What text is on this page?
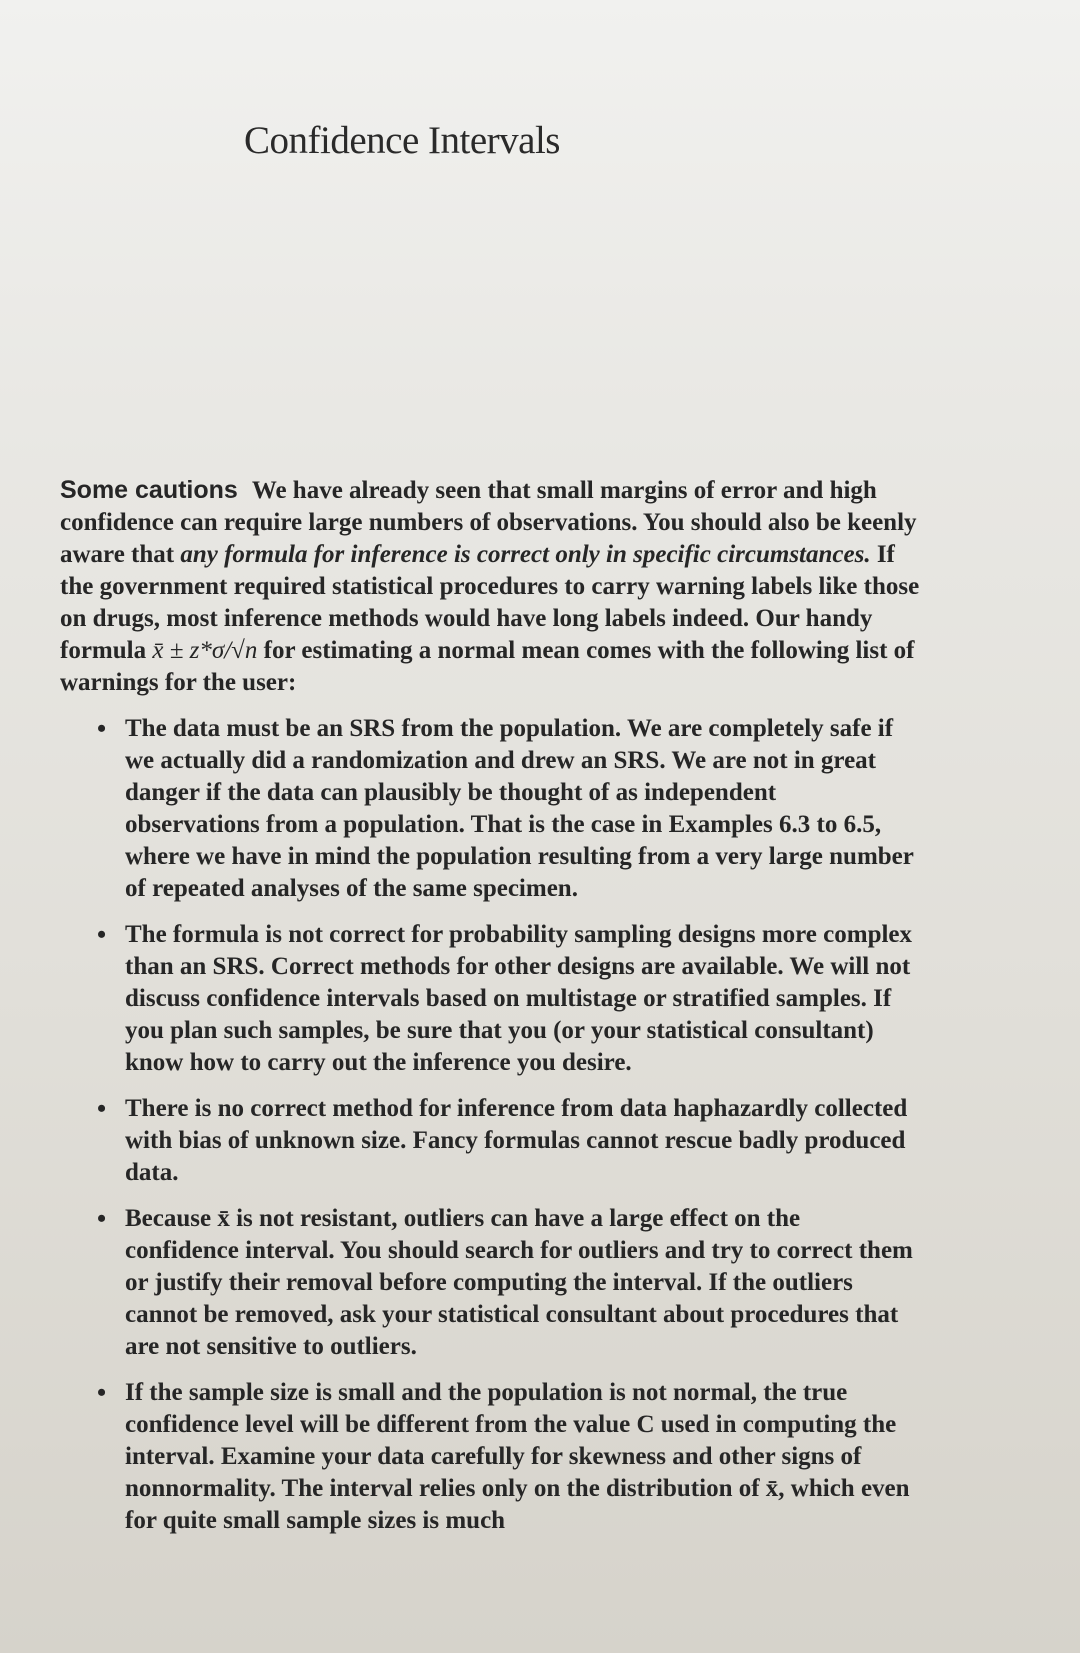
Confidence Intervals

Some cautions We have already seen that small margins of error and high confidence can require large numbers of observations. You should also be keenly aware that any formula for inference is correct only in specific circumstances. If the government required statistical procedures to carry warning labels like those on drugs, most inference methods would have long labels indeed. Our handy formula x̄ ± z*σ/√n for estimating a normal mean comes with the following list of warnings for the user:

• The data must be an SRS from the population. We are completely safe if we actually did a randomization and drew an SRS. We are not in great danger if the data can plausibly be thought of as independent observations from a population. That is the case in Examples 6.3 to 6.5, where we have in mind the population resulting from a very large number of repeated analyses of the same specimen.
• The formula is not correct for probability sampling designs more complex than an SRS. Correct methods for other designs are available. We will not discuss confidence intervals based on multistage or stratified samples. If you plan such samples, be sure that you (or your statistical consultant) know how to carry out the inference you desire.
• There is no correct method for inference from data haphazardly collected with bias of unknown size. Fancy formulas cannot rescue badly produced data.
• Because x̄ is not resistant, outliers can have a large effect on the confidence interval. You should search for outliers and try to correct them or justify their removal before computing the interval. If the outliers cannot be removed, ask your statistical consultant about procedures that are not sensitive to outliers.
• If the sample size is small and the population is not normal, the true confidence level will be different from the value C used in computing the interval. Examine your data carefully for skewness and other signs of nonnormality. The interval relies only on the distribution of x̄, which even for quite small sample sizes is much
